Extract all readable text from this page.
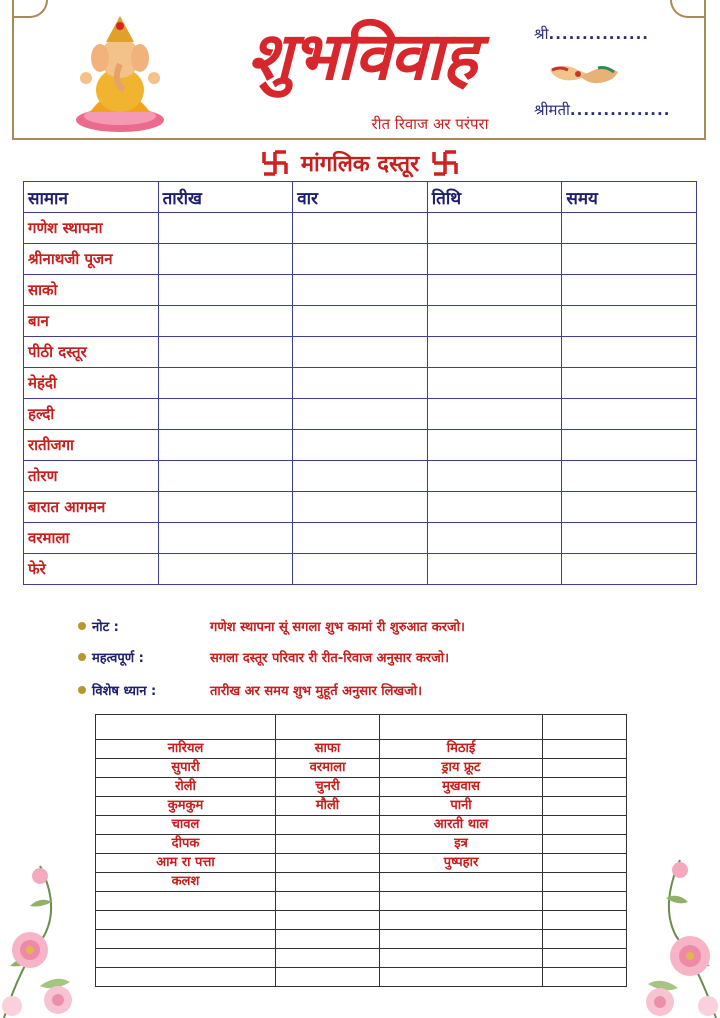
शुभविवाह
रीत रिवाज अर परंपरा
श्री...............
श्रीमती...............
मांगलिक दस्तूर
सामान	तारीख	वार	तिथि	समय
गणेश स्थापना				
श्रीनाथजी पूजन				
साको				
बान				
पीठी दस्तूर				
मेहंदी				
हल्दी				
रातीजगा				
तोरण				
बारात आगमन				
वरमाला				
फेरे				
नोट :	गणेश स्थापना सूं सगला शुभ कामां री शुरुआत करजो।
महत्वपूर्ण :	सगला दस्तूर परिवार री रीत-रिवाज अनुसार करजो।
विशेष ध्यान :	तारीख अर समय शुभ मुहूर्त अनुसार लिखजो।

नारियल	साफा	मिठाई	
सुपारी	वरमाला	ड्राय फ्रूट	
रोली	चुनरी	मुखवास	
कुमकुम	मौली	पानी	
चावल		आरती थाल	
दीपक		इत्र	
आम रा पत्ता		पुष्पहार	
कलश			
